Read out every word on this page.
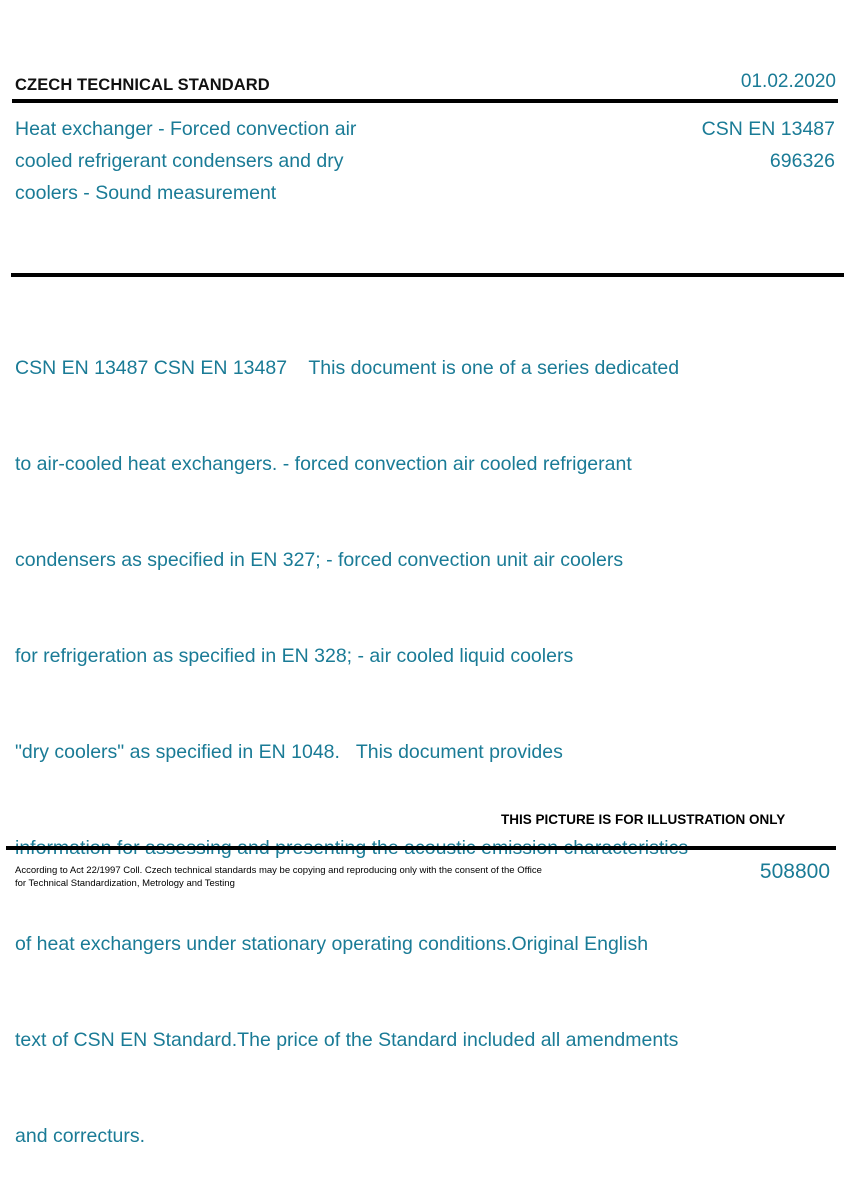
CZECH TECHNICAL STANDARD	01.02.2020
Heat exchanger - Forced convection air
cooled refrigerant condensers and dry
coolers - Sound measurement
CSN EN 13487
696326

CSN EN 13487 CSN EN 13487    This document is one of a series dedicated

to air-cooled heat exchangers. - forced convection air cooled refrigerant

condensers as specified in EN 327; - forced convection unit air coolers

for refrigeration as specified in EN 328; - air cooled liquid coolers

"dry coolers" as specified in EN 1048.   This document provides

of heat exchangers under stationary operating conditions.Original English

text of CSN EN Standard.The price of the Standard included all amendments

and correcturs.

THIS PICTURE IS FOR ILLUSTRATION ONLY
According to Act 22/1997 Coll. Czech technical standards may be copying and reproducing only with the consent of the Office
for Technical Standardization, Metrology and Testing
508800
